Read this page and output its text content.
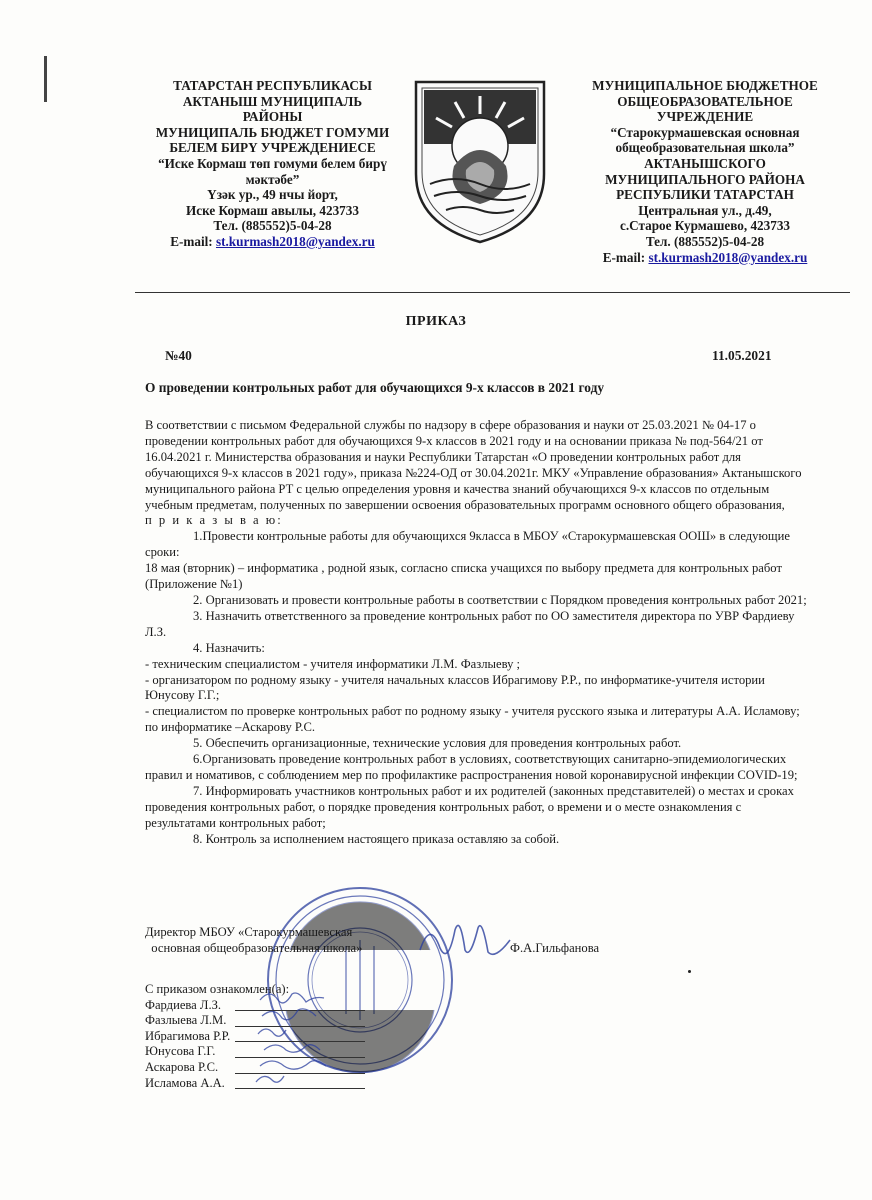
ТАТАРСТАН РЕСПУБЛИКАСЫ
АКТАНЫШ МУНИЦИПАЛЬ
РАЙОНЫ
МУНИЦИПАЛЬ БЮДЖЕТ ГОМУМИ
БЕЛЕМ БИРҮ УЧРЕЖДЕНИЕСЕ
“Иске Кормаш төп гомуми белем бирү
мәктәбе”
Үзәк ур., 49 нчы йорт,
Иске Кормаш авылы, 423733
Тел. (885552)5-04-28
E-mail: st.kurmash2018@yandex.ru
МУНИЦИПАЛЬНОЕ БЮДЖЕТНОЕ
ОБЩЕОБРАЗОВАТЕЛЬНОЕ
УЧРЕЖДЕНИЕ
“Старокурмашевская основная
общеобразовательная школа”
АКТАНЫШСКОГО
МУНИЦИПАЛЬНОГО РАЙОНА
РЕСПУБЛИКИ ТАТАРСТАН
Центральная ул., д.49,
с.Старое Курмашево, 423733
Тел. (885552)5-04-28
E-mail: st.kurmash2018@yandex.ru
ПРИКАЗ
№40	11.05.2021
О проведении контрольных работ для обучающихся 9-х классов в 2021 году

В соответствии с письмом Федеральной службы по надзору в сфере образования и науки от 25.03.2021 № 04-17 о проведении контрольных работ для обучающихся 9-х классов в 2021 году и на основании приказа № под-564/21 от 16.04.2021 г. Министерства образования и науки Республики Татарстан «О проведении контрольных работ для обучающихся 9-х классов в 2021 году», приказа №224-ОД от 30.04.2021г. МКУ «Управление образования» Актанышского муниципального района РТ с целью определения уровня и качества знаний обучающихся 9-х классов по отдельным учебным предметам, полученных по завершении освоения образовательных программ основного общего образования,

п р и к а з ы в а ю:

1.Провести контрольные работы для обучающихся 9класса в МБОУ «Старокурмашевская ООШ» в следующие сроки:

18 мая (вторник) – информатика , родной язык, согласно списка учащихся по выбору предмета для контрольных работ (Приложение №1)

2. Организовать и провести контрольные работы в соответствии с Порядком проведения контрольных работ 2021;

3. Назначить ответственного за проведение контрольных работ по ОО заместителя директора по УВР Фардиеву Л.З.

4. Назначить:

- техническим специалистом - учителя информатики Л.М. Фазлыеву ;

- организатором по родному языку - учителя начальных классов Ибрагимову Р.Р., по информатике-учителя истории Юнусову Г.Г.;

- специалистом по проверке контрольных работ по родному языку - учителя русского языка и литературы А.А. Исламову; по информатике –Аскарову Р.С.

5. Обеспечить организационные, технические условия для проведения контрольных работ.

6.Организовать проведение контрольных работ в условиях, соответствующих санитарно-эпидемиологических правил и номативов, с соблюдением мер по профилактике распространения новой коронавирусной инфекции COVID-19;

7. Информировать участников контрольных работ и их родителей (законных представителей) о местах и сроках проведения контрольных работ, о порядке проведения контрольных работ, о времени и о месте ознакомления с результатами контрольных работ;

8. Контроль за исполнением настоящего приказа оставляю за собой.

Директор МБОУ «Старокурмашевская
основная общеобразовательная школа»	Ф.А.Гильфанова
С приказом ознакомлен(а):
Фардиева Л.З.
Фазлыева Л.М.
Ибрагимова Р.Р.
Юнусова Г.Г.
Аскарова Р.С.
Исламова А.А.
